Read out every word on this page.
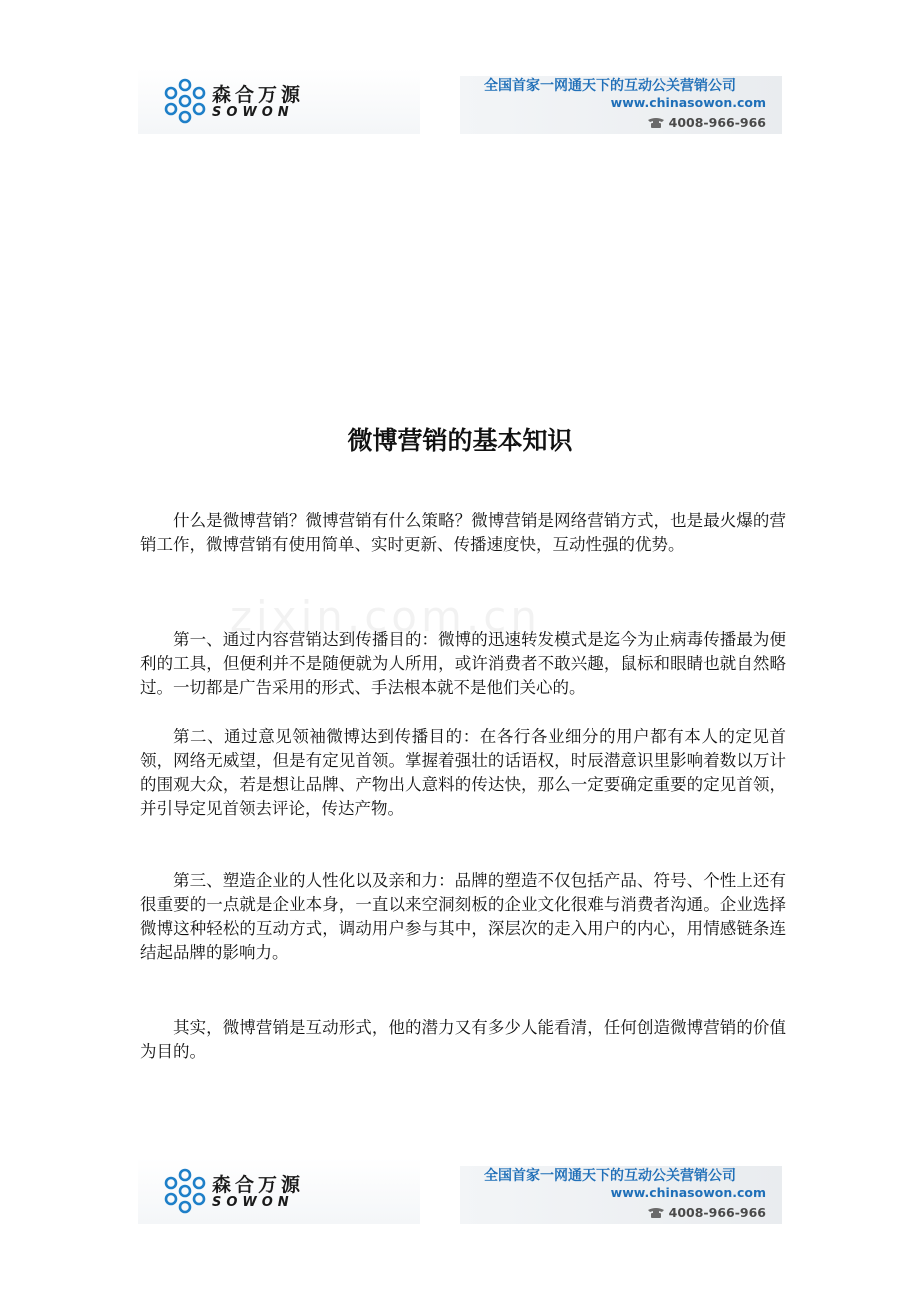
森合万源
SOWON
全国首家一网通天下的互动公关营销公司
www.chinasowon.com
4008-966-966
zixin.com.cn
微博营销的基本知识

什么是微博营销？微博营销有什么策略？微博营销是网络营销方式，也是最火爆的营销工作，微博营销有使用简单、实时更新、传播速度快，互动性强的优势。

第一、通过内容营销达到传播目的：微博的迅速转发模式是迄今为止病毒传播最为便利的工具，但便利并不是随便就为人所用，或许消费者不敢兴趣，鼠标和眼睛也就自然略过。一切都是广告采用的形式、手法根本就不是他们关心的。

第二、通过意见领袖微博达到传播目的：在各行各业细分的用户都有本人的定见首领，网络无威望，但是有定见首领。掌握着强壮的话语权，时辰潜意识里影响着数以万计的围观大众，若是想让品牌、产物出人意料的传达快，那么一定要确定重要的定见首领，并引导定见首领去评论，传达产物。

第三、塑造企业的人性化以及亲和力：品牌的塑造不仅包括产品、符号、个性上还有很重要的一点就是企业本身，一直以来空洞刻板的企业文化很难与消费者沟通。企业选择微博这种轻松的互动方式，调动用户参与其中，深层次的走入用户的内心，用情感链条连结起品牌的影响力。

其实，微博营销是互动形式，他的潜力又有多少人能看清，任何创造微博营销的价值为目的。

森合万源
SOWON
全国首家一网通天下的互动公关营销公司
www.chinasowon.com
4008-966-966
